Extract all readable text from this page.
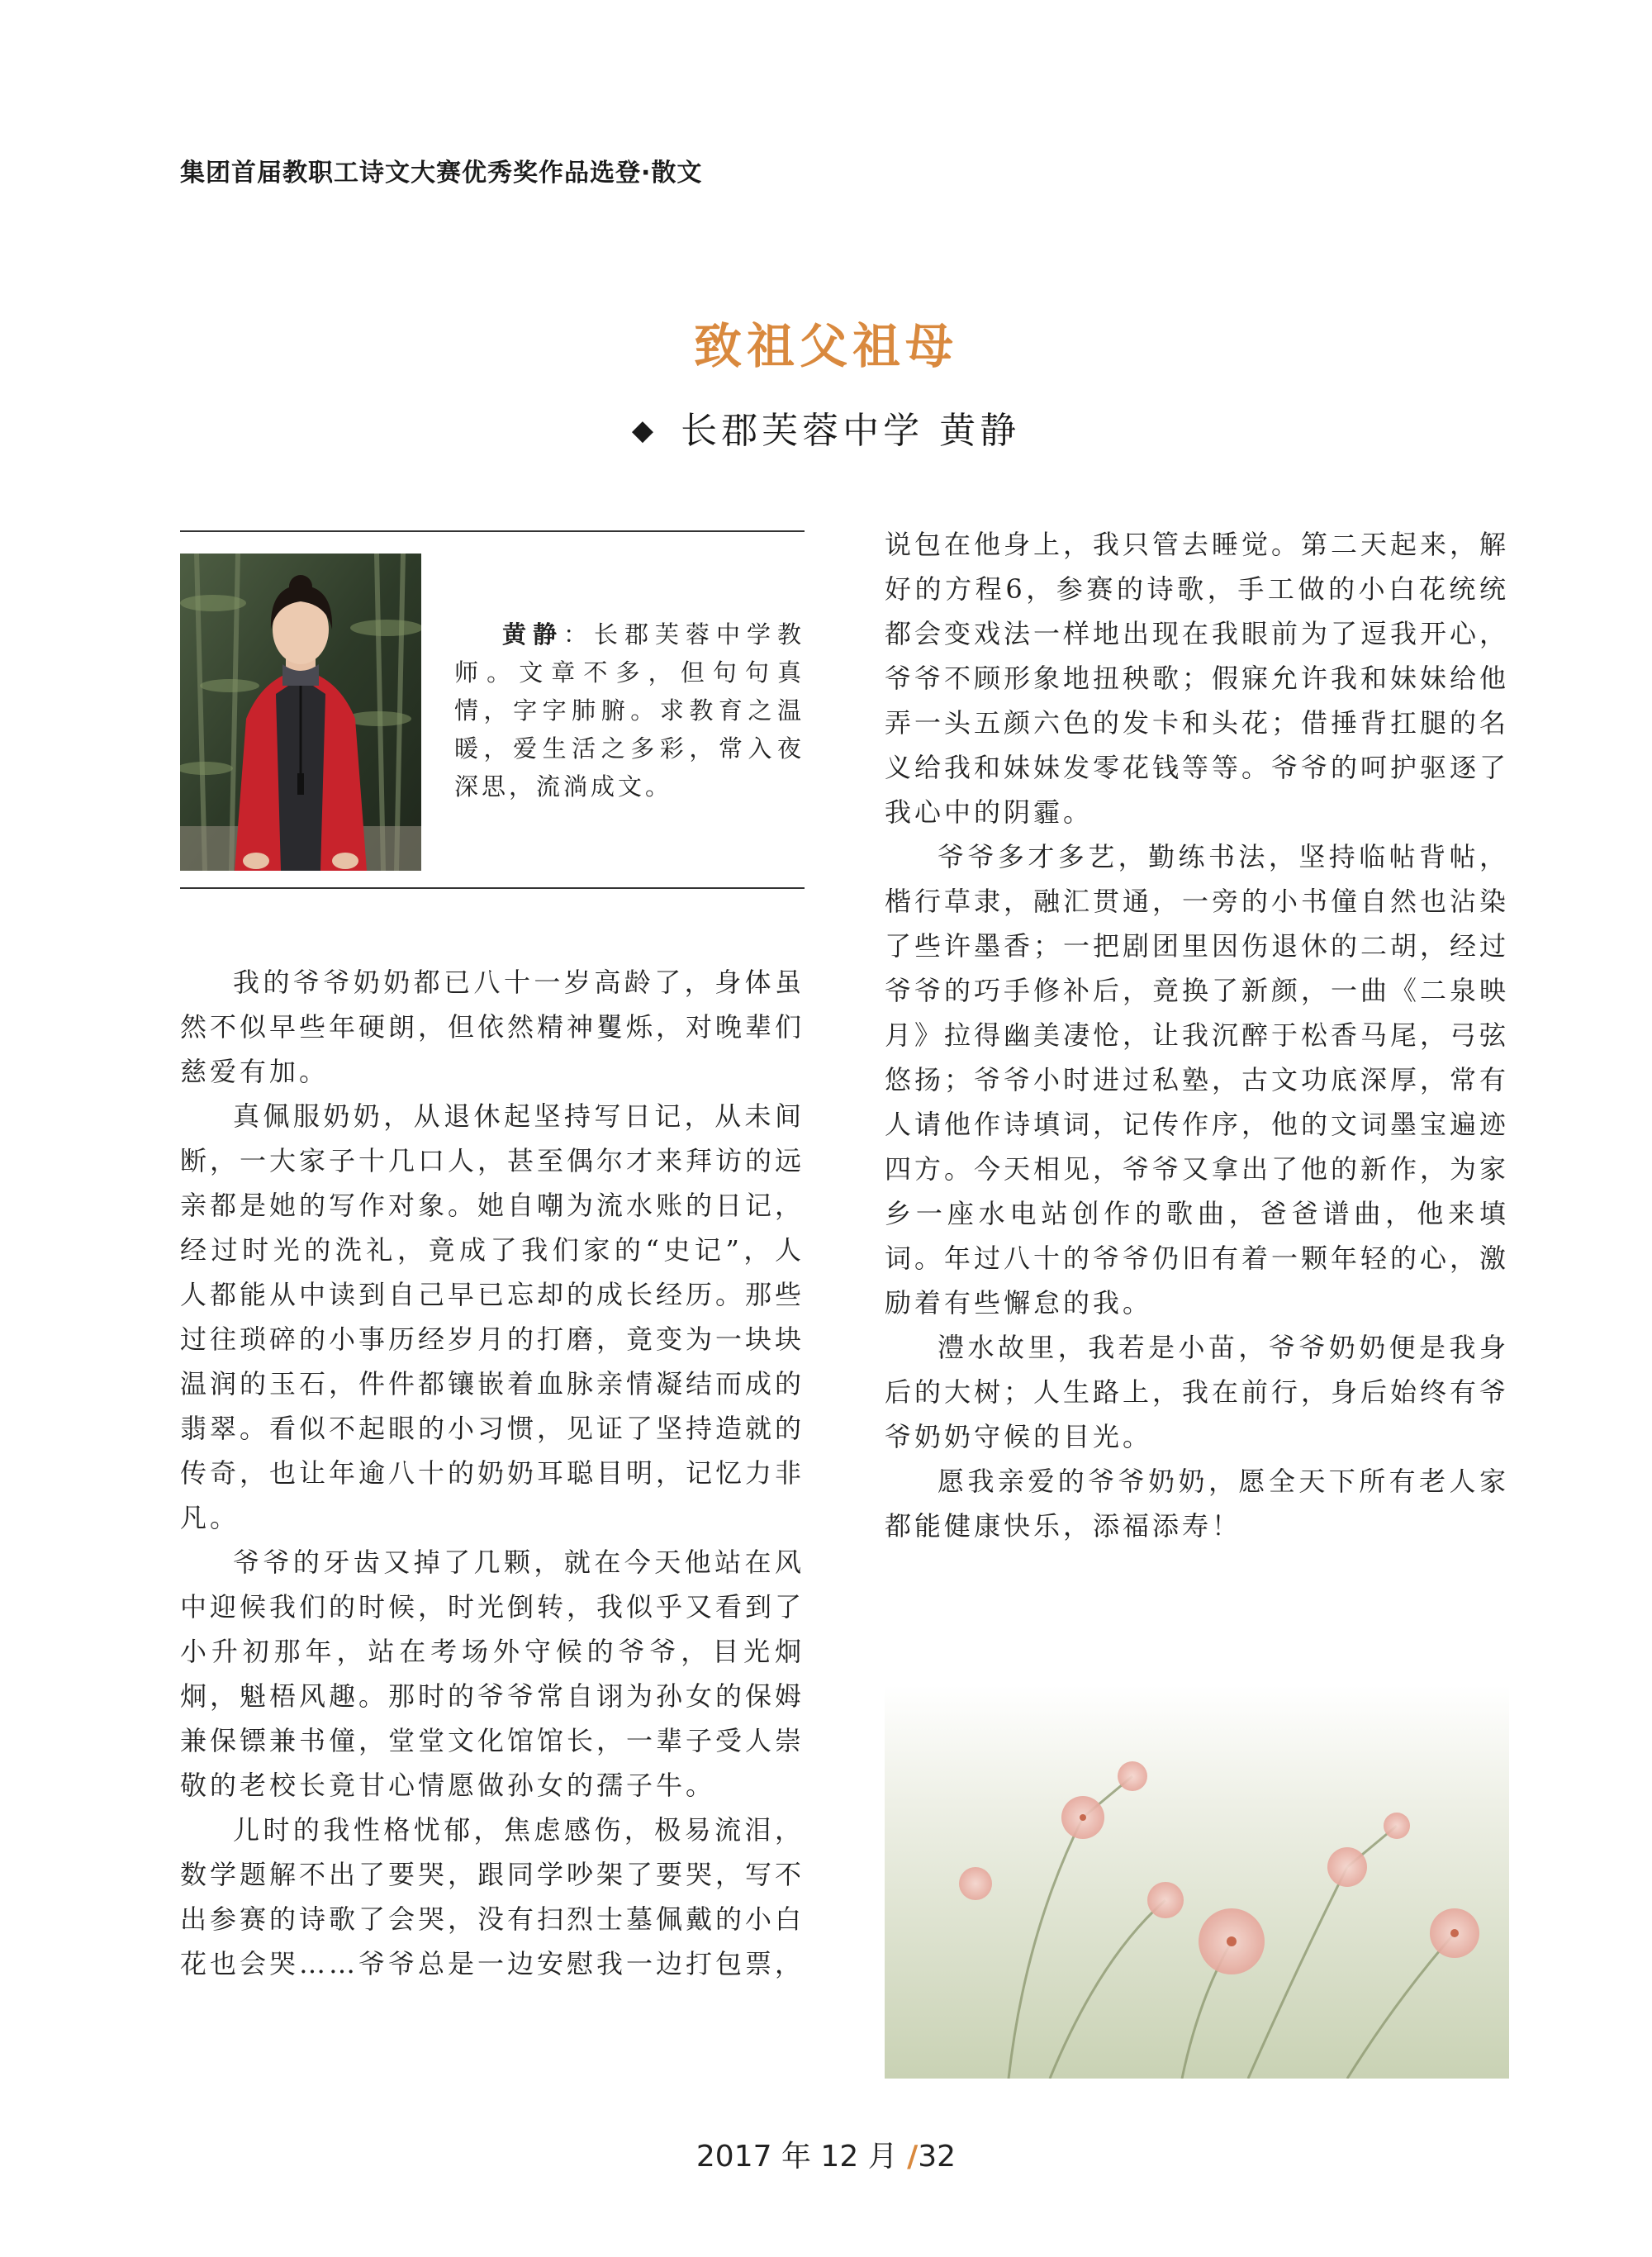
集团首届教职工诗文大赛优秀奖作品选登·散文
致祖父祖母
◆ 长郡芙蓉中学 黄静
黄静：长郡芙蓉中学教师。文章不多，但句句真情，字字肺腑。求教育之温暖，爱生活之多彩，常入夜深思，流淌成文。

我的爷爷奶奶都已八十一岁高龄了，身体虽然不似早些年硬朗，但依然精神矍烁，对晚辈们慈爱有加。

真佩服奶奶，从退休起坚持写日记，从未间断，一大家子十几口人，甚至偶尔才来拜访的远亲都是她的写作对象。她自嘲为流水账的日记，经过时光的洗礼，竟成了我们家的“史记”，人人都能从中读到自己早已忘却的成长经历。那些过往琐碎的小事历经岁月的打磨，竟变为一块块温润的玉石，件件都镶嵌着血脉亲情凝结而成的翡翠。看似不起眼的小习惯，见证了坚持造就的传奇，也让年逾八十的奶奶耳聪目明，记忆力非凡。

爷爷的牙齿又掉了几颗，就在今天他站在风中迎候我们的时候，时光倒转，我似乎又看到了小升初那年，站在考场外守候的爷爷，目光炯炯，魁梧风趣。那时的爷爷常自诩为孙女的保姆兼保镖兼书僮，堂堂文化馆馆长，一辈子受人崇敬的老校长竟甘心情愿做孙女的孺子牛。

儿时的我性格忧郁，焦虑感伤，极易流泪，数学题解不出了要哭，跟同学吵架了要哭，写不出参赛的诗歌了会哭，没有扫烈士墓佩戴的小白花也会哭……爷爷总是一边安慰我一边打包票，

说包在他身上，我只管去睡觉。第二天起来，解好的方程6，参赛的诗歌，手工做的小白花统统都会变戏法一样地出现在我眼前为了逗我开心，爷爷不顾形象地扭秧歌；假寐允许我和妹妹给他弄一头五颜六色的发卡和头花；借捶背扛腿的名义给我和妹妹发零花钱等等。爷爷的呵护驱逐了我心中的阴霾。

爷爷多才多艺，勤练书法，坚持临帖背帖，楷行草隶，融汇贯通，一旁的小书僮自然也沾染了些许墨香；一把剧团里因伤退休的二胡，经过爷爷的巧手修补后，竟换了新颜，一曲《二泉映月》拉得幽美凄怆，让我沉醉于松香马尾，弓弦悠扬；爷爷小时进过私塾，古文功底深厚，常有人请他作诗填词，记传作序，他的文词墨宝遍迹四方。今天相见，爷爷又拿出了他的新作，为家乡一座水电站创作的歌曲，爸爸谱曲，他来填词。年过八十的爷爷仍旧有着一颗年轻的心，激励着有些懈怠的我。

澧水故里，我若是小苗，爷爷奶奶便是我身后的大树；人生路上，我在前行，身后始终有爷爷奶奶守候的目光。

愿我亲爱的爷爷奶奶，愿全天下所有老人家都能健康快乐，添福添寿！

2017 年 12 月 /32
